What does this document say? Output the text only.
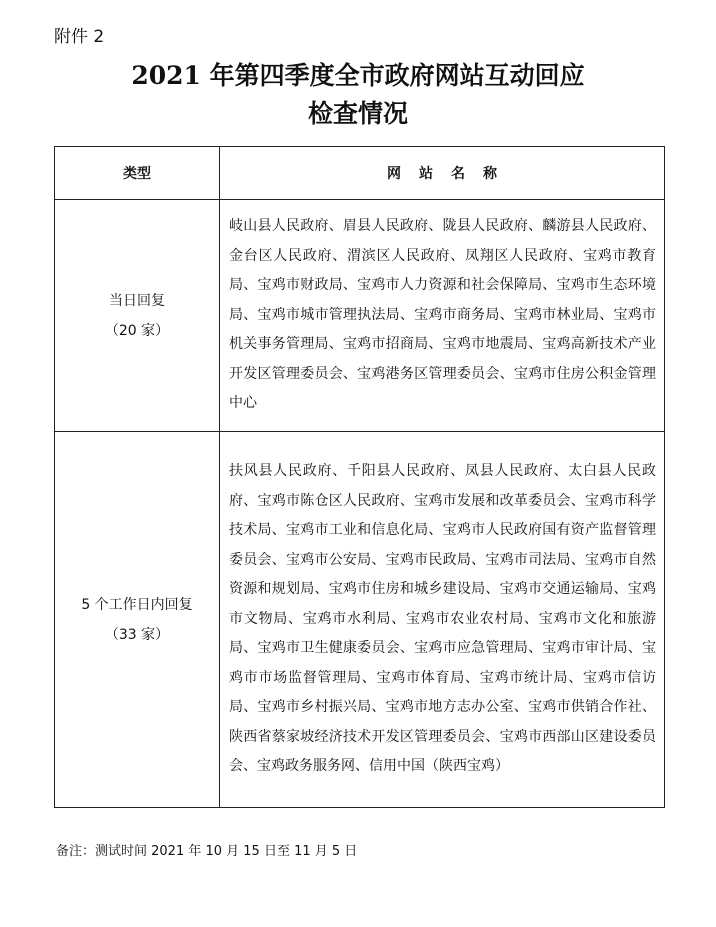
附件 2
2021 年第四季度全市政府网站互动回应
检查情况
类型	网站名称

当日回复
（20 家）	岐山县人民政府、眉县人民政府、陇县人民政府、麟游县人民政府、金台区人民政府、渭滨区人民政府、凤翔区人民政府、宝鸡市教育局、宝鸡市财政局、宝鸡市人力资源和社会保障局、宝鸡市生态环境局、宝鸡市城市管理执法局、宝鸡市商务局、宝鸡市林业局、宝鸡市机关事务管理局、宝鸡市招商局、宝鸡市地震局、宝鸡高新技术产业开发区管理委员会、宝鸡港务区管理委员会、宝鸡市住房公积金管理中心

5 个工作日内回复
（33 家）	扶风县人民政府、千阳县人民政府、凤县人民政府、太白县人民政府、宝鸡市陈仓区人民政府、宝鸡市发展和改革委员会、宝鸡市科学技术局、宝鸡市工业和信息化局、宝鸡市人民政府国有资产监督管理委员会、宝鸡市公安局、宝鸡市民政局、宝鸡市司法局、宝鸡市自然资源和规划局、宝鸡市住房和城乡建设局、宝鸡市交通运输局、宝鸡市文物局、宝鸡市水利局、宝鸡市农业农村局、宝鸡市文化和旅游局、宝鸡市卫生健康委员会、宝鸡市应急管理局、宝鸡市审计局、宝鸡市市场监督管理局、宝鸡市体育局、宝鸡市统计局、宝鸡市信访局、宝鸡市乡村振兴局、宝鸡市地方志办公室、宝鸡市供销合作社、陕西省蔡家坡经济技术开发区管理委员会、宝鸡市西部山区建设委员会、宝鸡政务服务网、信用中国（陕西宝鸡）
备注：测试时间 2021 年 10 月 15 日至 11 月 5 日
